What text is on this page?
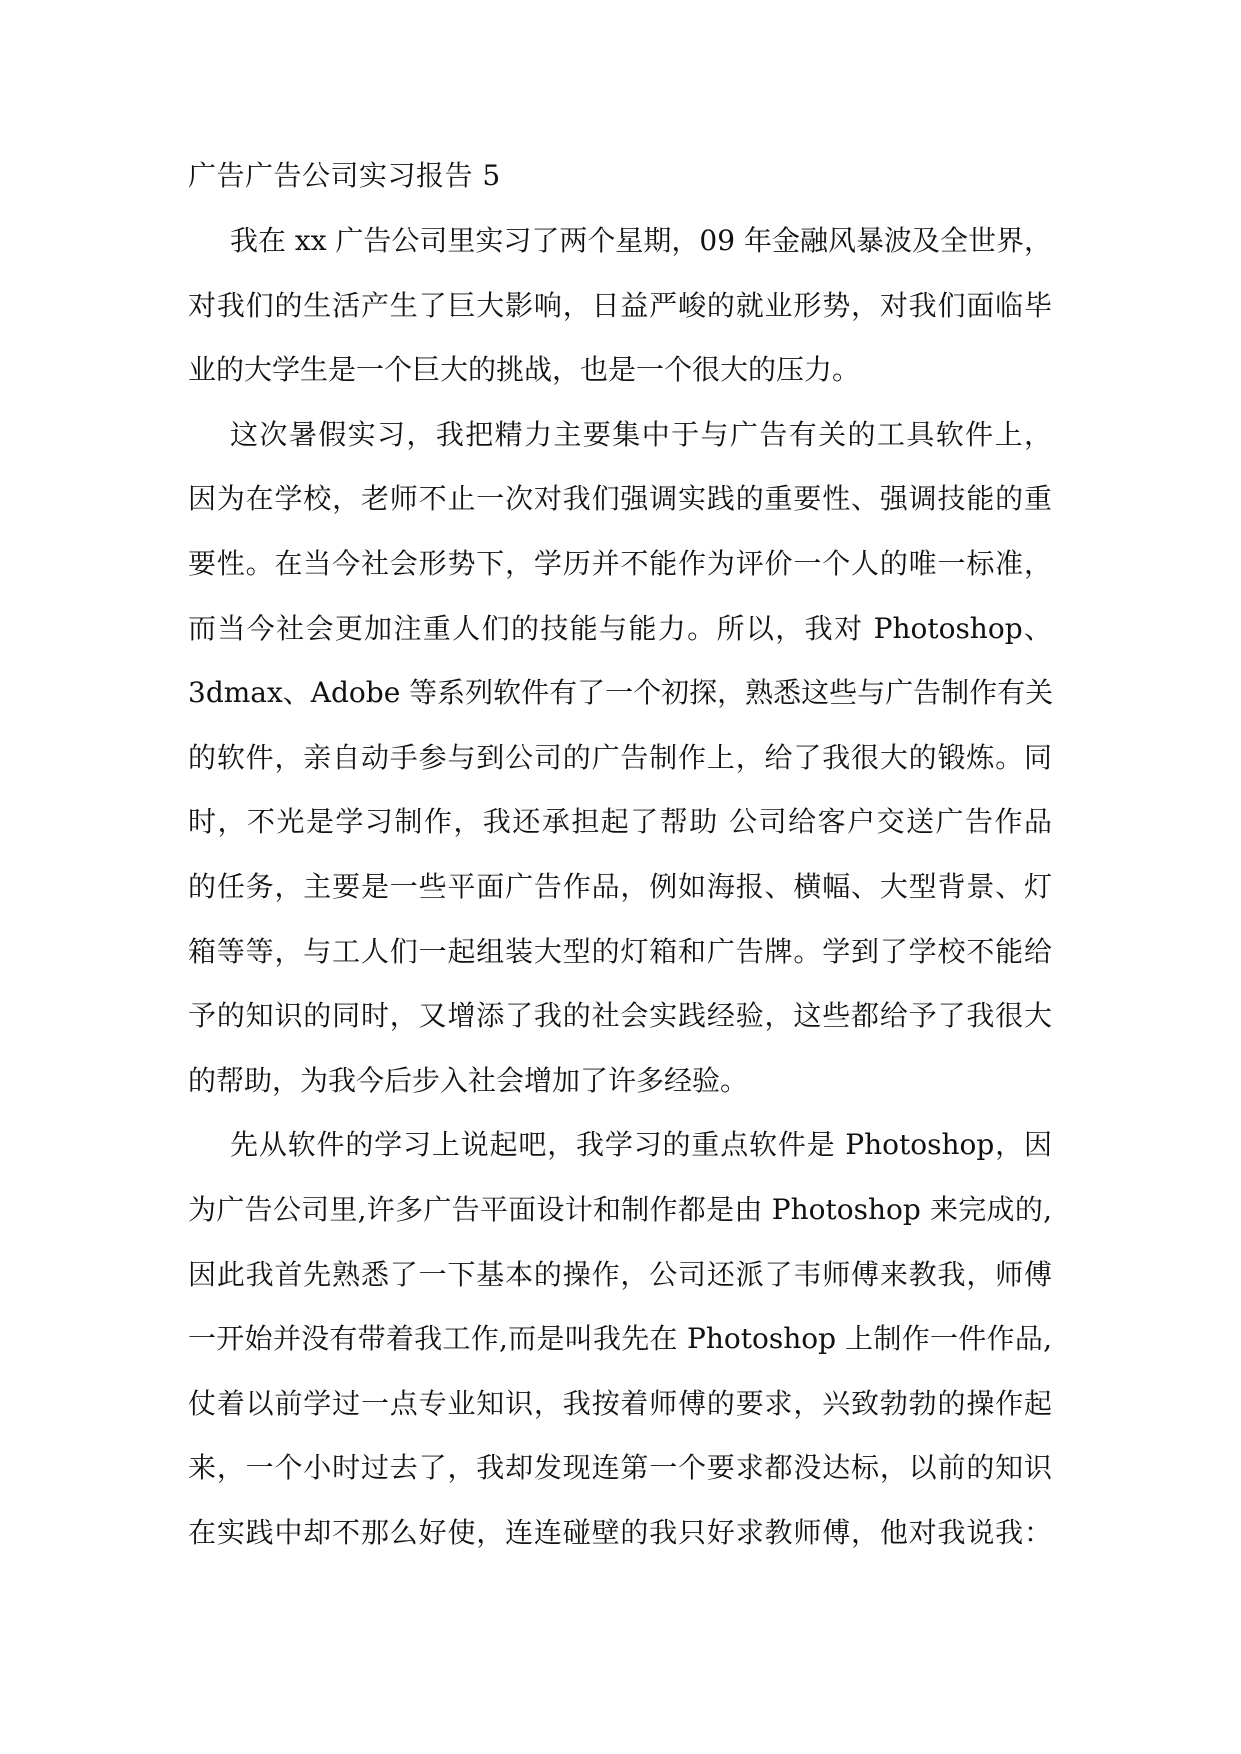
广告广告公司实习报告 5

我在 xx 广告公司里实习了两个星期，09 年金融风暴波及全世界，
对我们的生活产生了巨大影响，日益严峻的就业形势，对我们面临毕
业的大学生是一个巨大的挑战，也是一个很大的压力。
这次暑假实习，我把精力主要集中于与广告有关的工具软件上，
因为在学校，老师不止一次对我们强调实践的重要性、强调技能的重
要性。在当今社会形势下，学历并不能作为评价一个人的唯一标准，
而当今社会更加注重人们的技能与能力。所以，我对 Photoshop、
3dmax、Adobe 等系列软件有了一个初探，熟悉这些与广告制作有关
的软件，亲自动手参与到公司的广告制作上，给了我很大的锻炼。同
时，不光是学习制作，我还承担起了帮助 公司给客户交送广告作品
的任务，主要是一些平面广告作品，例如海报、横幅、大型背景、灯
箱等等，与工人们一起组装大型的灯箱和广告牌。学到了学校不能给
予的知识的同时，又增添了我的社会实践经验，这些都给予了我很大
的帮助，为我今后步入社会增加了许多经验。
先从软件的学习上说起吧，我学习的重点软件是 Photoshop，因
为广告公司里,许多广告平面设计和制作都是由 Photoshop 来完成的,
因此我首先熟悉了一下基本的操作，公司还派了韦师傅来教我，师傅
一开始并没有带着我工作,而是叫我先在 Photoshop 上制作一件作品,
仗着以前学过一点专业知识，我按着师傅的要求，兴致勃勃的操作起
来，一个小时过去了，我却发现连第一个要求都没达标，以前的知识
在实践中却不那么好使，连连碰壁的我只好求教师傅，他对我说我：
